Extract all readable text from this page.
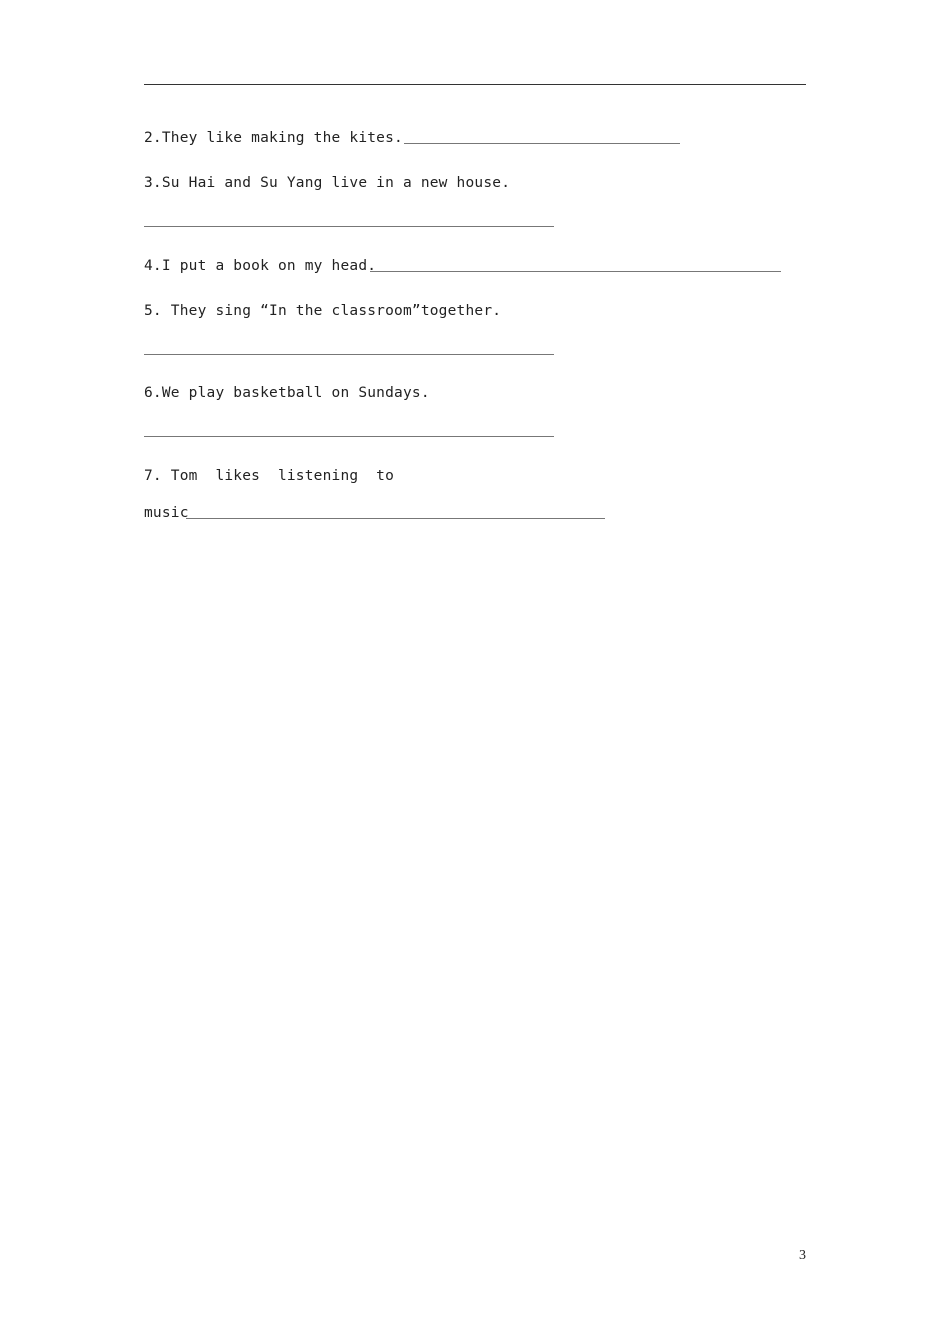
2.They like making the kites.
3.Su Hai and Su Yang live in a new house.
4.I put a book on my head.
5. They sing “In the classroom”together.
6.We play basketball on Sundays.
7. Tom  likes  listening  to
music
3
